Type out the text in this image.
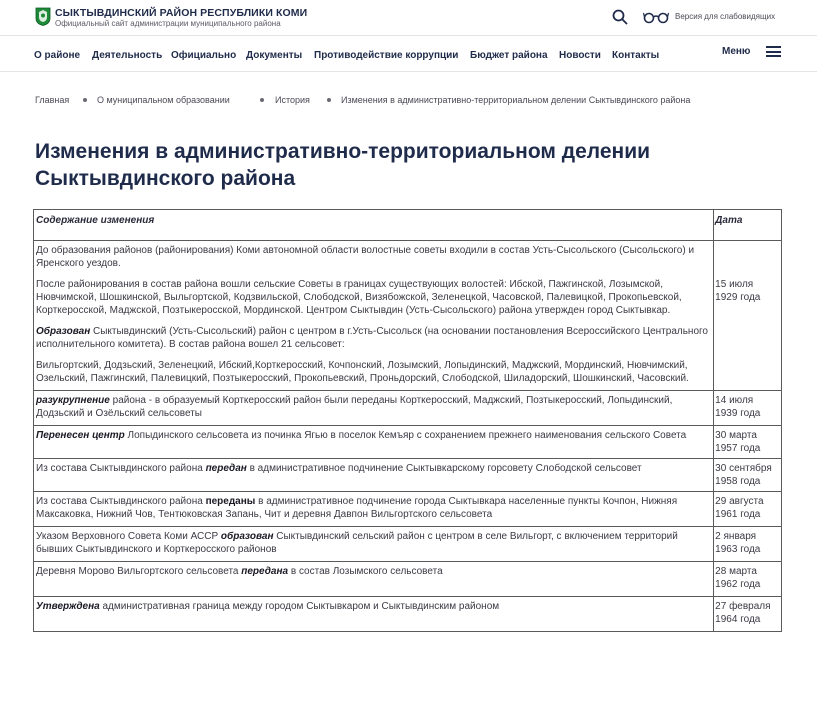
СЫКТЫВДИНСКИЙ РАЙОН РЕСПУБЛИКИ КОМИ
Официальный сайт администрации муниципального района
Версия для слабовидящих
О районе Деятельность Официально Документы Противодействие коррупции Бюджет района Новости Контакты	Меню
Главная	О муниципальном образовании	История	Изменения в административно-территориальном делении Сыктывдинского района
Изменения в административно-территориальном делении Сыктывдинского района
Содержание изменения	Дата

До образования районов (районирования) Коми автономной области волостные советы входили в состав Усть-Сысольского (Сысольского) и Яренского уездов.

После районирования в состав района вошли сельские Советы в границах существующих волостей: Ибской, Пажгинской, Лозымской, Нювчимской, Шошкинской, Выльгортской, Кодзвильской, Слободской, Визябожской, Зеленецкой, Часовской, Палевицкой, Прокопьевской, Корткеросской, Маджской, Позтыкеросской, Мординской. Центром Сыктывдин (Усть-Сысольского) района утвержден город Сыктывкар.

Образован Сыктывдинский (Усть-Сысольский) район с центром в г.Усть-Сысольск (на основании постановления Всероссийского Центрального исполнительного комитета). В состав района вошел 21 сельсовет:

Вильгортский, Додзьский, Зеленецкий, Ибский,Корткеросский, Кочпонский, Лозымский, Лопыдинский, Маджский, Мординский, Нювчимский, Озельский, Пажгинский, Палевицкий, Позтыкеросский, Прокопьевский, Проньдорский, Слободской, Шиладорский, Шошкинский, Часовский.

15 июля
1929 года
разукрупнение района - в образуемый Корткеросский район были переданы Корткеросский, Маджский, Позтыкеросский, Лопыдинский, Додзьский и Озёльский сельсоветы
14 июля
1939 года
Перенесен центр Лопыдинского сельсовета из починка Ягью в поселок Кемъяр с сохранением прежнего наименования сельского Совета	30 марта
1957 года
Из состава Сыктывдинского района передан в административное подчинение Сыктывкарскому горсовету Слободской сельсовет	30 сентября
1958 года
Из состава Сыктывдинского района переданы в административное подчинение города Сыктывкара населенные пункты Кочпон, Нижняя Максаковка, Нижний Чов, Тентюковская Запань, Чит и деревня Давпон Вильгортского сельсовета
29 августа
1961 года
Указом Верховного Совета Коми АССР образован Сыктывдинский сельский район с центром в селе Вильгорт, с включением территорий бывших Сыктывдинского и Корткеросского районов
2 января
1963 года
Деревня Морово Вильгортского сельсовета передана в состав Лозымского сельсовета	28 марта
1962 года
Утверждена административная граница между городом Сыктывкаром и Сыктывдинским районом	27 февраля
1964 года
